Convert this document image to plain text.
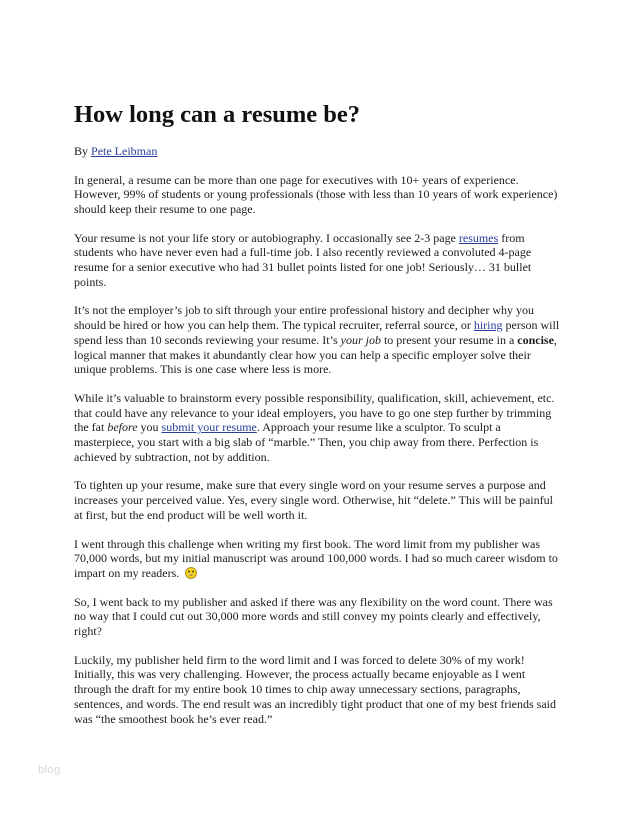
How long can a resume be?
By Pete Leibman

In general, a resume can be more than one page for executives with 10+ years of experience. However, 99% of students or young professionals (those with less than 10 years of work experience) should keep their resume to one page.

Your resume is not your life story or autobiography. I occasionally see 2-3 page resumes from students who have never even had a full-time job. I also recently reviewed a convoluted 4-page resume for a senior executive who had 31 bullet points listed for one job! Seriously… 31 bullet points.

It’s not the employer’s job to sift through your entire professional history and decipher why you should be hired or how you can help them. The typical recruiter, referral source, or hiring person will spend less than 10 seconds reviewing your resume. It’s your job to present your resume in a concise, logical manner that makes it abundantly clear how you can help a specific employer solve their unique problems. This is one case where less is more.

While it’s valuable to brainstorm every possible responsibility, qualification, skill, achievement, etc. that could have any relevance to your ideal employers, you have to go one step further by trimming the fat before you submit your resume. Approach your resume like a sculptor. To sculpt a masterpiece, you start with a big slab of “marble.” Then, you chip away from there. Perfection is achieved by subtraction, not by addition.

To tighten up your resume, make sure that every single word on your resume serves a purpose and increases your perceived value. Yes, every single word. Otherwise, hit “delete.” This will be painful at first, but the end product will be well worth it.

I went through this challenge when writing my first book. The word limit from my publisher was 70,000 words, but my initial manuscript was around 100,000 words. I had so much career wisdom to impart on my readers.

So, I went back to my publisher and asked if there was any flexibility on the word count. There was no way that I could cut out 30,000 more words and still convey my points clearly and effectively, right?

Luckily, my publisher held firm to the word limit and I was forced to delete 30% of my work! Initially, this was very challenging. However, the process actually became enjoyable as I went through the draft for my entire book 10 times to chip away unnecessary sections, paragraphs, sentences, and words. The end result was an incredibly tight product that one of my best friends said was “the smoothest book he’s ever read.”

blog
